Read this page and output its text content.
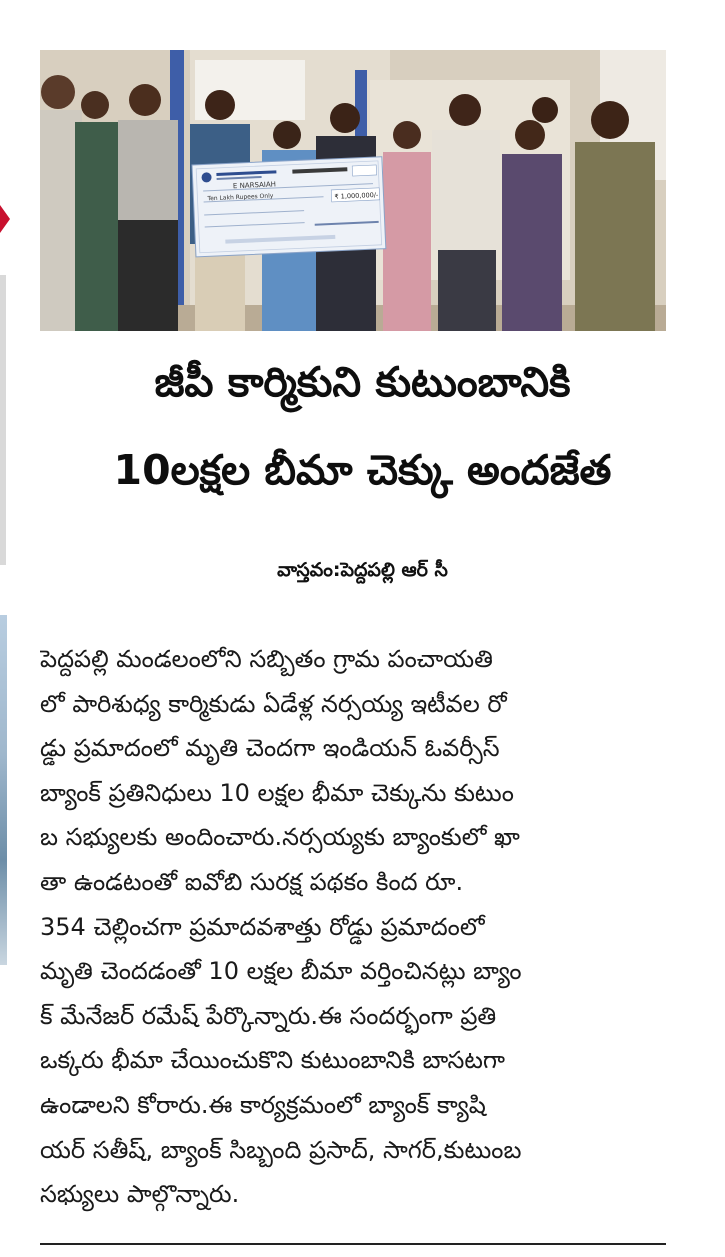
E NARSAIAH
Ten Lakh Rupees Only	₹ 1,000,000/-
జీపీ కార్మికుని కుటుంబానికి
10లక్షల బీమా చెక్కు అందజేత
వాస్తవం:పెద్దపల్లి ఆర్ సీ
పెద్దపల్లి మండలంలోని సబ్బితం గ్రామ పంచాయతి
లో పారిశుధ్య కార్మికుడు ఏడేళ్ల నర్సయ్య ఇటీవల రో
డ్డు ప్రమాదంలో మృతి చెందగా ఇండియన్ ఓవర్సీస్
బ్యాంక్ ప్రతినిధులు 10 లక్షల భీమా చెక్కును కుటుం
బ సభ్యులకు అందించారు.నర్సయ్యకు బ్యాంకులో ఖా
తా ఉండటంతో ఐవోబి సురక్ష పథకం కింద రూ.
354 చెల్లించగా ప్రమాదవశాత్తు రోడ్డు ప్రమాదంలో
మృతి చెందడంతో 10 లక్షల బీమా వర్తించినట్లు బ్యాం
క్ మేనేజర్ రమేష్ పేర్కొన్నారు.ఈ సందర్భంగా ప్రతి
ఒక్కరు భీమా చేయించుకొని కుటుంబానికి బాసటగా
ఉండాలని కోరారు.ఈ కార్యక్రమంలో బ్యాంక్ క్యాషి
యర్ సతీష్, బ్యాంక్ సిబ్బంది ప్రసాద్, సాగర్,కుటుంబ
సభ్యులు పాల్గొన్నారు.
